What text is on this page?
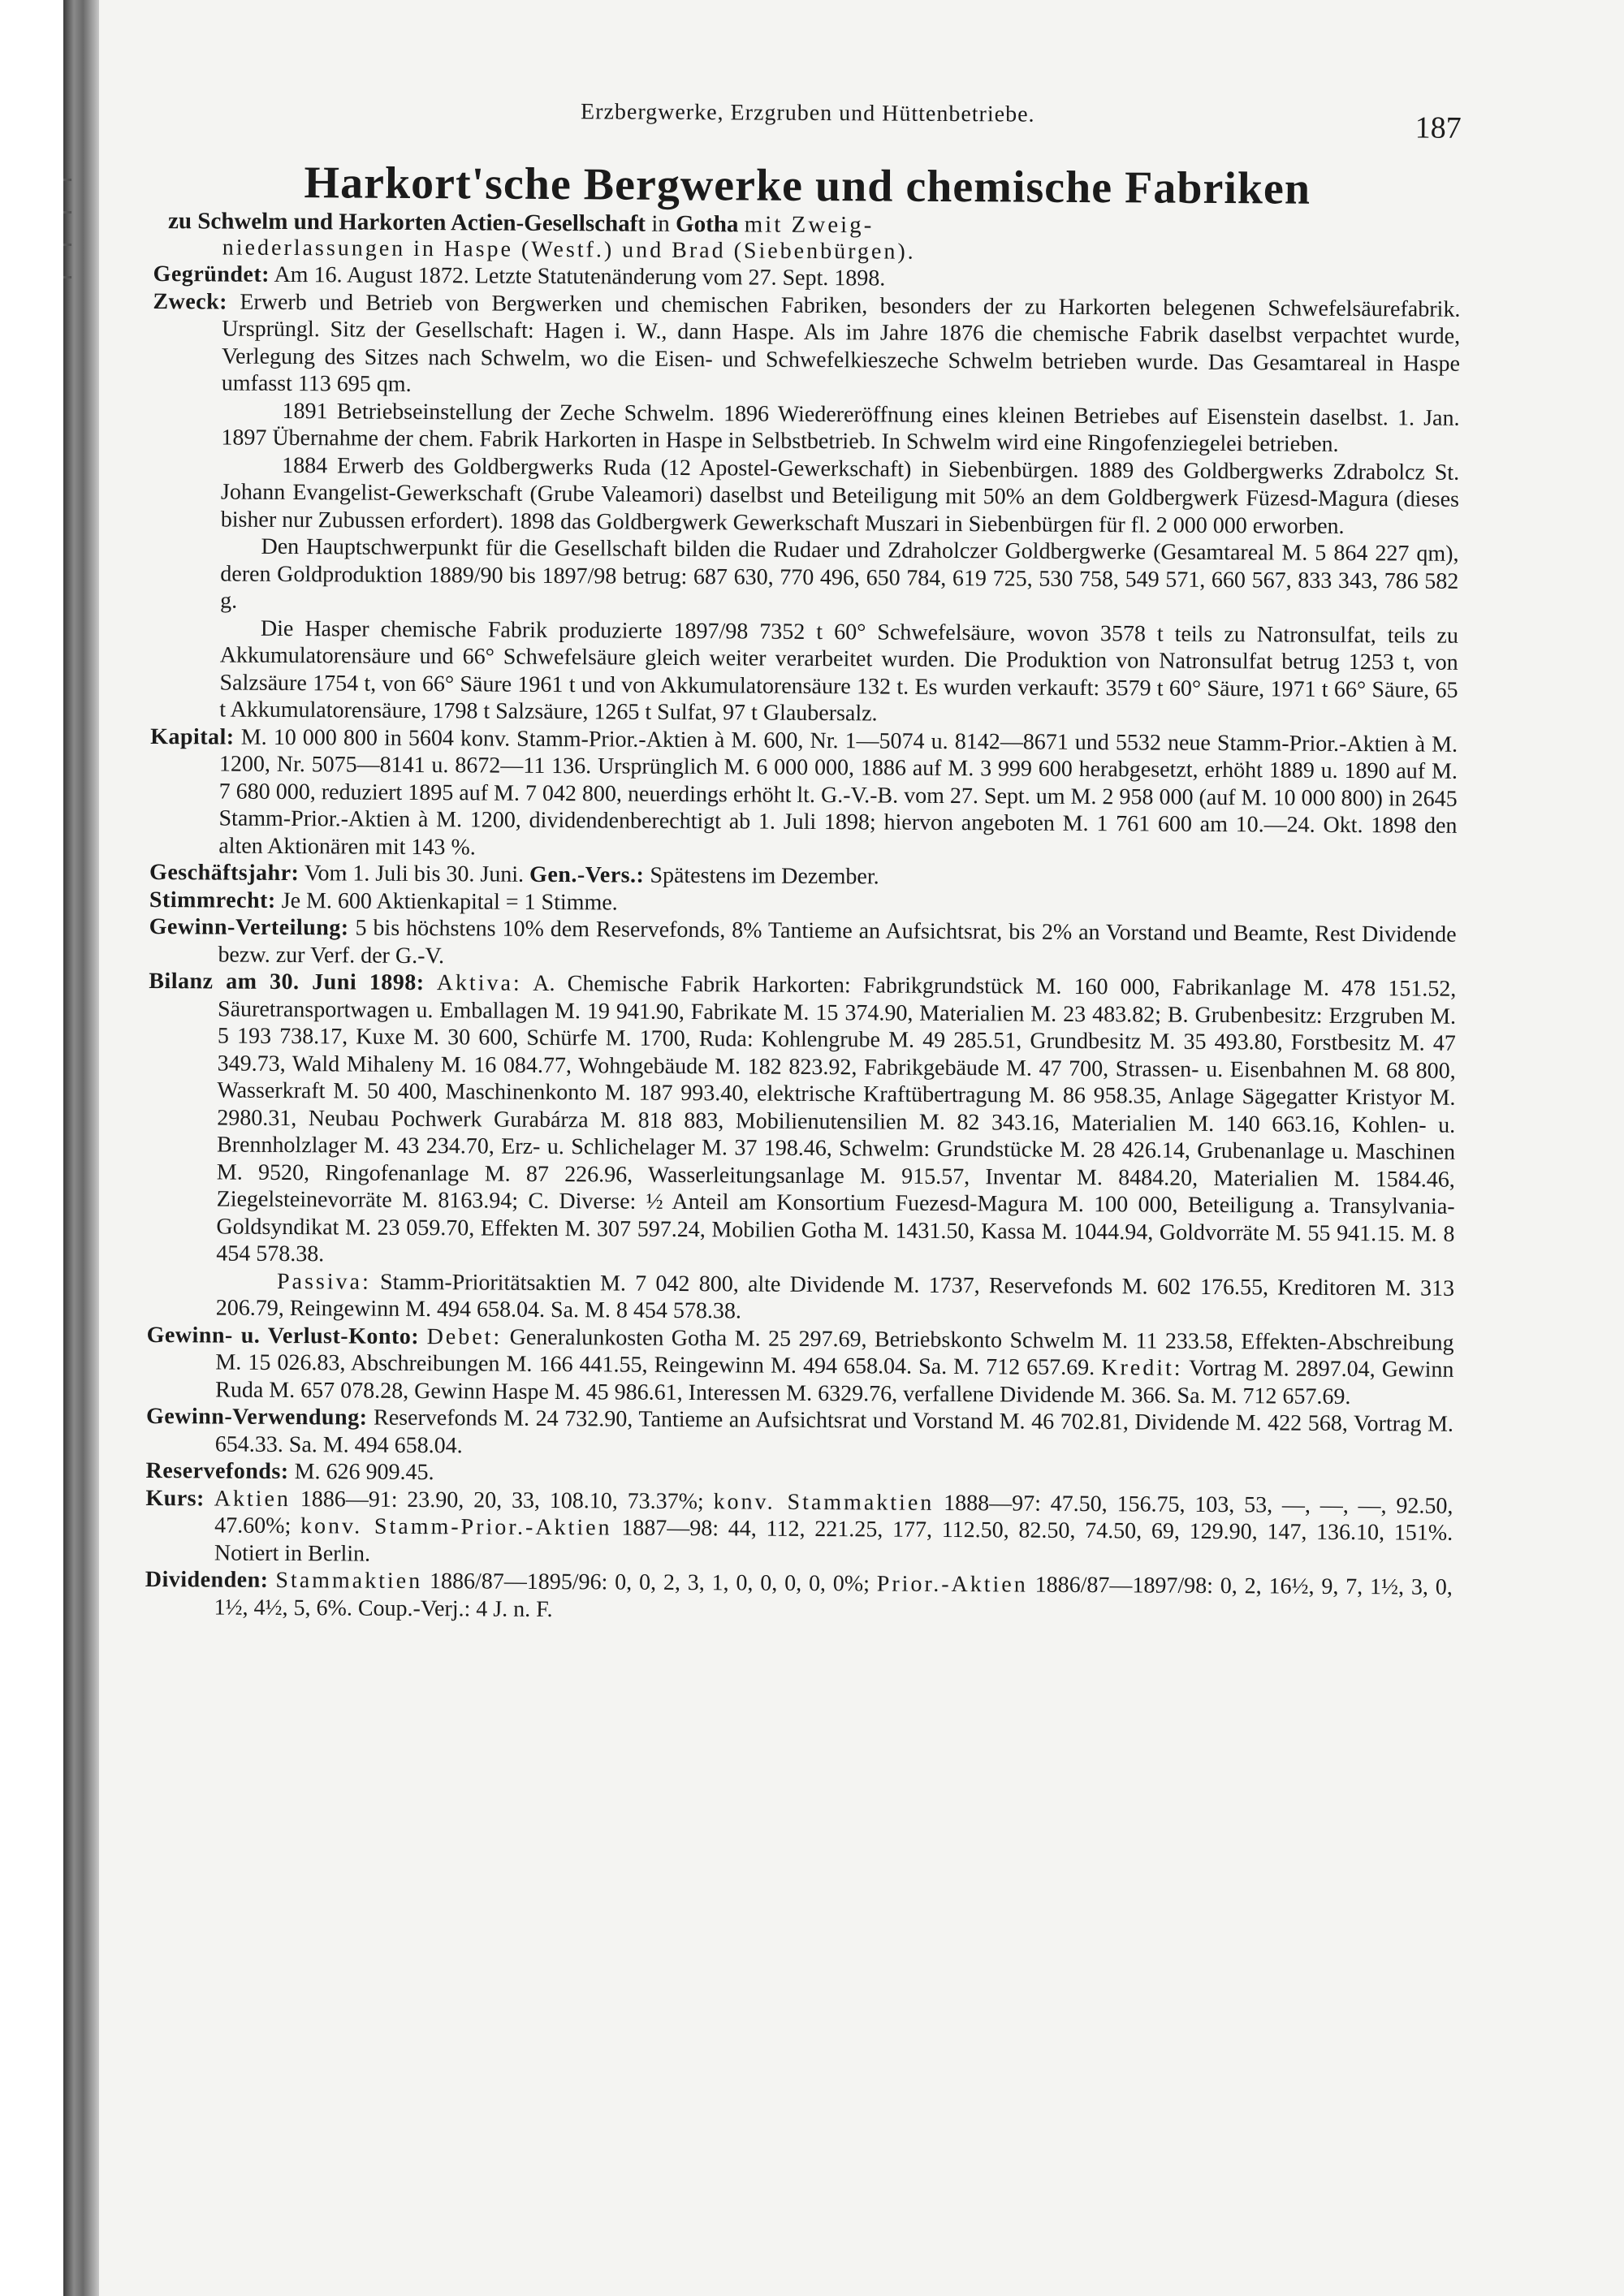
Erzbergwerke, Erzgruben und Hüttenbetriebe.	187
Harkort'sche Bergwerke und chemische Fabriken
zu Schwelm und Harkorten Actien-Gesellschaft in Gotha mit Zweig-
niederlassungen in Haspe (Westf.) und Brad (Siebenbürgen).

Gegründet: Am 16. August 1872. Letzte Statutenänderung vom 27. Sept. 1898.

Zweck: Erwerb und Betrieb von Bergwerken und chemischen Fabriken, besonders der zu Harkorten belegenen Schwefelsäurefabrik. Ursprüngl. Sitz der Gesellschaft: Hagen i. W., dann Haspe. Als im Jahre 1876 die chemische Fabrik daselbst verpachtet wurde, Verlegung des Sitzes nach Schwelm, wo die Eisen- und Schwefelkieszeche Schwelm betrieben wurde. Das Gesamtareal in Haspe umfasst 113 695 qm.

1891 Betriebseinstellung der Zeche Schwelm. 1896 Wiedereröffnung eines kleinen Betriebes auf Eisenstein daselbst. 1. Jan. 1897 Übernahme der chem. Fabrik Harkorten in Haspe in Selbstbetrieb. In Schwelm wird eine Ringofenziegelei betrieben.

1884 Erwerb des Goldbergwerks Ruda (12 Apostel-Gewerkschaft) in Siebenbürgen. 1889 des Goldbergwerks Zdrabolcz St. Johann Evangelist-Gewerkschaft (Grube Valeamori) daselbst und Beteiligung mit 50% an dem Goldbergwerk Füzesd-Magura (dieses bisher nur Zubussen erfordert). 1898 das Goldbergwerk Gewerkschaft Muszari in Siebenbürgen für fl. 2 000 000 erworben.

Den Hauptschwerpunkt für die Gesellschaft bilden die Rudaer und Zdraholczer Goldbergwerke (Gesamtareal M. 5 864 227 qm), deren Goldproduktion 1889/90 bis 1897/98 betrug: 687 630, 770 496, 650 784, 619 725, 530 758, 549 571, 660 567, 833 343, 786 582 g.

Die Hasper chemische Fabrik produzierte 1897/98 7352 t 60° Schwefelsäure, wovon 3578 t teils zu Natronsulfat, teils zu Akkumulatorensäure und 66° Schwefelsäure gleich weiter verarbeitet wurden. Die Produktion von Natronsulfat betrug 1253 t, von Salzsäure 1754 t, von 66° Säure 1961 t und von Akkumulatorensäure 132 t. Es wurden verkauft: 3579 t 60° Säure, 1971 t 66° Säure, 65 t Akkumulatorensäure, 1798 t Salzsäure, 1265 t Sulfat, 97 t Glaubersalz.

Kapital: M. 10 000 800 in 5604 konv. Stamm-Prior.-Aktien à M. 600, Nr. 1—5074 u. 8142—8671 und 5532 neue Stamm-Prior.-Aktien à M. 1200, Nr. 5075—8141 u. 8672—11 136. Ursprünglich M. 6 000 000, 1886 auf M. 3 999 600 herabgesetzt, erhöht 1889 u. 1890 auf M. 7 680 000, reduziert 1895 auf M. 7 042 800, neuerdings erhöht lt. G.-V.-B. vom 27. Sept. um M. 2 958 000 (auf M. 10 000 800) in 2645 Stamm-Prior.-Aktien à M. 1200, dividendenberechtigt ab 1. Juli 1898; hiervon angeboten M. 1 761 600 am 10.—24. Okt. 1898 den alten Aktionären mit 143 %.

Geschäftsjahr: Vom 1. Juli bis 30. Juni. Gen.-Vers.: Spätestens im Dezember.

Stimmrecht: Je M. 600 Aktienkapital = 1 Stimme.

Gewinn-Verteilung: 5 bis höchstens 10% dem Reservefonds, 8% Tantieme an Aufsichtsrat, bis 2% an Vorstand und Beamte, Rest Dividende bezw. zur Verf. der G.-V.

Bilanz am 30. Juni 1898: Aktiva: A. Chemische Fabrik Harkorten: Fabrikgrundstück M. 160 000, Fabrikanlage M. 478 151.52, Säuretransportwagen u. Emballagen M. 19 941.90, Fabrikate M. 15 374.90, Materialien M. 23 483.82; B. Grubenbesitz: Erzgruben M. 5 193 738.17, Kuxe M. 30 600, Schürfe M. 1700, Ruda: Kohlengrube M. 49 285.51, Grundbesitz M. 35 493.80, Forstbesitz M. 47 349.73, Wald Mihaleny M. 16 084.77, Wohngebäude M. 182 823.92, Fabrikgebäude M. 47 700, Strassen- u. Eisenbahnen M. 68 800, Wasserkraft M. 50 400, Maschinenkonto M. 187 993.40, elektrische Kraftübertragung M. 86 958.35, Anlage Sägegatter Kristyor M. 2980.31, Neubau Pochwerk Gurabárza M. 818 883, Mobilienutensilien M. 82 343.16, Materialien M. 140 663.16, Kohlen- u. Brennholzlager M. 43 234.70, Erz- u. Schlichelager M. 37 198.46, Schwelm: Grundstücke M. 28 426.14, Grubenanlage u. Maschinen M. 9520, Ringofenanlage M. 87 226.96, Wasserleitungsanlage M. 915.57, Inventar M. 8484.20, Materialien M. 1584.46, Ziegelsteinevorräte M. 8163.94; C. Diverse: ½ Anteil am Konsortium Fuezesd-Magura M. 100 000, Beteiligung a. Transylvania-Goldsyndikat M. 23 059.70, Effekten M. 307 597.24, Mobilien Gotha M. 1431.50, Kassa M. 1044.94, Goldvorräte M. 55 941.15. M. 8 454 578.38.

Passiva: Stamm-Prioritätsaktien M. 7 042 800, alte Dividende M. 1737, Reservefonds M. 602 176.55, Kreditoren M. 313 206.79, Reingewinn M. 494 658.04. Sa. M. 8 454 578.38.

Gewinn- u. Verlust-Konto: Debet: Generalunkosten Gotha M. 25 297.69, Betriebskonto Schwelm M. 11 233.58, Effekten-Abschreibung M. 15 026.83, Abschreibungen M. 166 441.55, Reingewinn M. 494 658.04. Sa. M. 712 657.69. Kredit: Vortrag M. 2897.04, Gewinn Ruda M. 657 078.28, Gewinn Haspe M. 45 986.61, Interessen M. 6329.76, verfallene Dividende M. 366. Sa. M. 712 657.69.

Gewinn-Verwendung: Reservefonds M. 24 732.90, Tantieme an Aufsichtsrat und Vorstand M. 46 702.81, Dividende M. 422 568, Vortrag M. 654.33. Sa. M. 494 658.04.

Reservefonds: M. 626 909.45.

Kurs: Aktien 1886—91: 23.90, 20, 33, 108.10, 73.37%; konv. Stammaktien 1888—97: 47.50, 156.75, 103, 53, —, —, —, 92.50, 47.60%; konv. Stamm-Prior.-Aktien 1887—98: 44, 112, 221.25, 177, 112.50, 82.50, 74.50, 69, 129.90, 147, 136.10, 151%. Notiert in Berlin.

Dividenden: Stammaktien 1886/87—1895/96: 0, 0, 2, 3, 1, 0, 0, 0, 0, 0%; Prior.-Aktien 1886/87—1897/98: 0, 2, 16½, 9, 7, 1½, 3, 0, 1½, 4½, 5, 6%. Coup.-Verj.: 4 J. n. F.
